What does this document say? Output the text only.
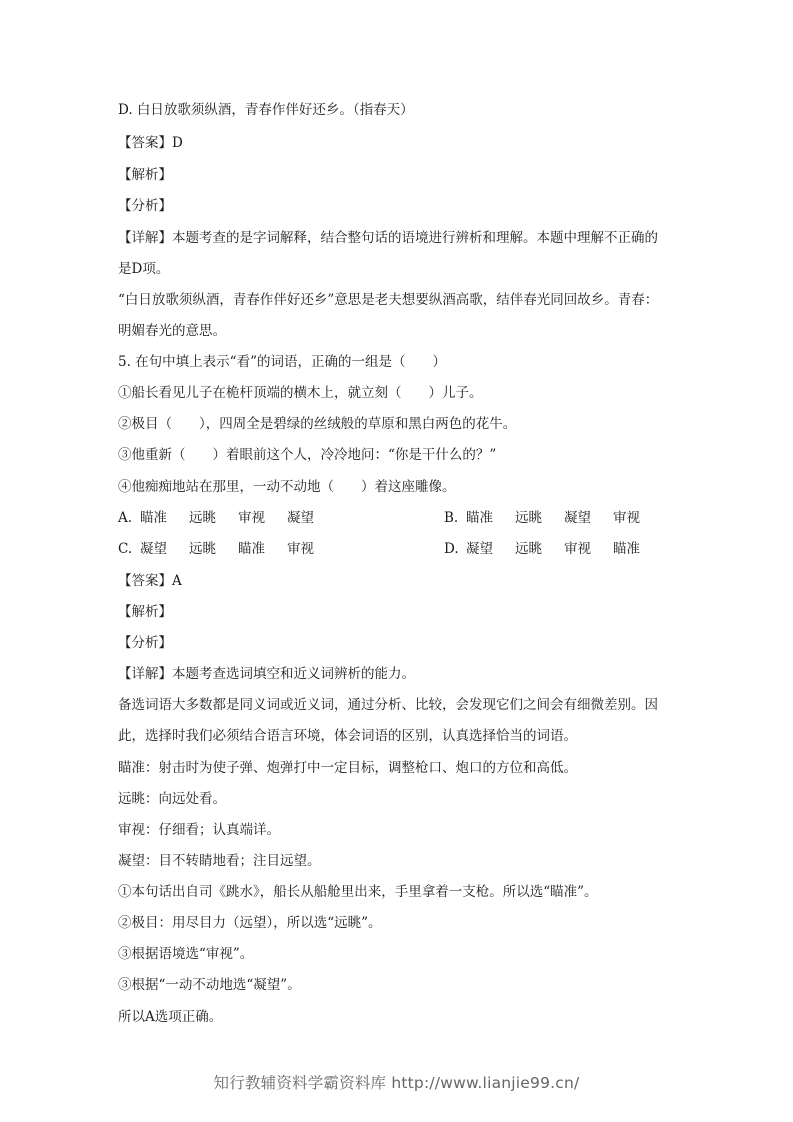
D. 白日放歌须纵酒，青春作伴好还乡。（指春天）
【答案】D
【解析】
【分析】
【详解】本题考查的是字词解释，结合整句话的语境进行辨析和理解。本题中理解不正确的
是D项。
“白日放歌须纵酒，青春作伴好还乡”意思是老夫想要纵酒高歌，结伴春光同回故乡。青春：
明媚春光的意思。
5. 在句中填上表示“看”的词语，正确的一组是（　　）
①船长看见儿子在桅杆顶端的横木上，就立刻（　　）儿子。
②极目（　　），四周全是碧绿的丝绒般的草原和黑白两色的花牛。
③他重新（　　）着眼前这个人，冷冷地问：“你是干什么的？”
④他痴痴地站在那里，一动不动地（　　）着这座雕像。
A. 瞄准 远眺 审视 凝望	B. 瞄准 远眺 凝望 审视
C. 凝望 远眺 瞄准 审视	D. 凝望 远眺 审视 瞄准
【答案】A
【解析】
【分析】
【详解】本题考查选词填空和近义词辨析的能力。
备选词语大多数都是同义词或近义词，通过分析、比较，会发现它们之间会有细微差别。因
此，选择时我们必须结合语言环境，体会词语的区别，认真选择恰当的词语。
瞄准：射击时为使子弹、炮弹打中一定目标，调整枪口、炮口的方位和高低。
远眺：向远处看。
审视：仔细看；认真端详。
凝望：目不转睛地看；注目远望。
①本句话出自司《跳水》，船长从船舱里出来，手里拿着一支枪。所以选“瞄准”。
②极目：用尽目力（远望），所以选“远眺”。
③根据语境选“审视”。
③根据“一动不动地选“凝望”。
所以A选项正确。
知行教辅资料学霸资料库 http://www.lianjie99.cn/
